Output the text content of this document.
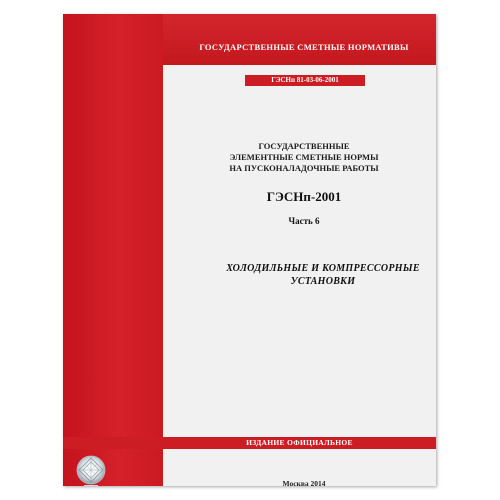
ГОСУДАРСТВЕННЫЕ СМЕТНЫЕ НОРМАТИВЫ
ГЭСНп 81-03-06-2001
ГОСУДАРСТВЕННЫЕ
ЭЛЕМЕНТНЫЕ СМЕТНЫЕ НОРМЫ
НА ПУСКОНАЛАДОЧНЫЕ РАБОТЫ
ГЭСНп-2001
Часть 6
ХОЛОДИЛЬНЫЕ И КОМПРЕССОРНЫЕ
УСТАНОВКИ
ИЗДАНИЕ ОФИЦИАЛЬНОЕ
Москва 2014
